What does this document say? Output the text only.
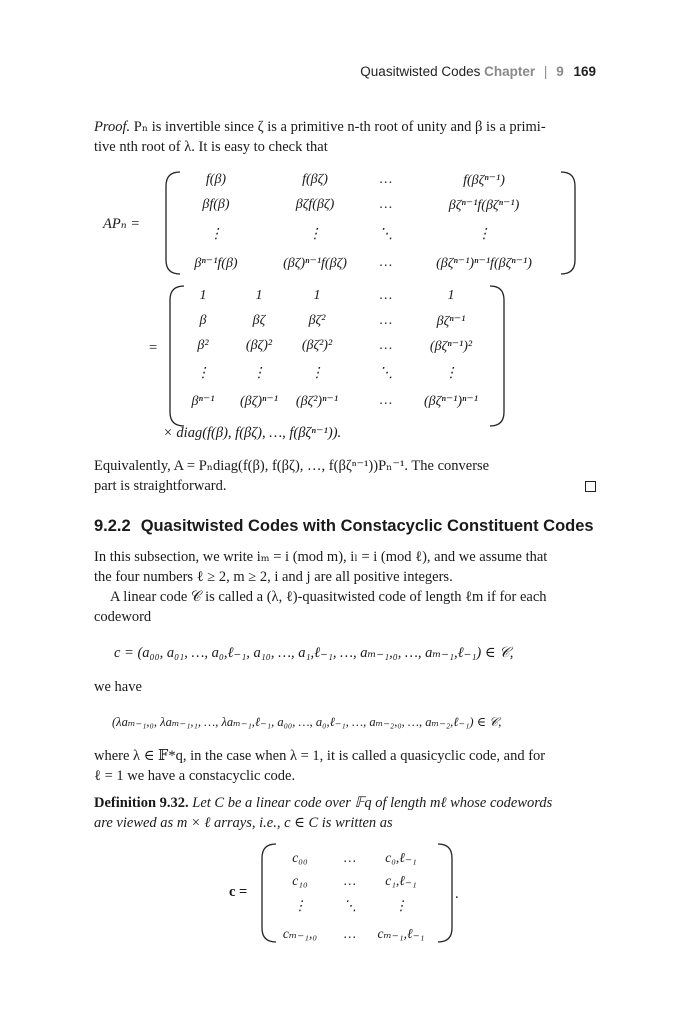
Quasitwisted Codes Chapter | 9 169
Proof. Pₙ is invertible since ζ is a primitive n-th root of unity and β is a primi-
tive nth root of λ. It is easy to check that
APₙ =
f(β)	f(βζ)	…	f(βζⁿ⁻¹)
βf(β)	βζf(βζ)	…	βζⁿ⁻¹f(βζⁿ⁻¹)
⋮	⋮	⋱	⋮
βⁿ⁻¹f(β)	(βζ)ⁿ⁻¹f(βζ)	…	(βζⁿ⁻¹)ⁿ⁻¹f(βζⁿ⁻¹)
=
1	1	1	…	1
β	βζ	βζ²	…	βζⁿ⁻¹
β²	(βζ)²	(βζ²)²	…	(βζⁿ⁻¹)²
⋮	⋮	⋮	⋱	⋮
βⁿ⁻¹	(βζ)ⁿ⁻¹	(βζ²)ⁿ⁻¹	…	(βζⁿ⁻¹)ⁿ⁻¹
× diag(f(β), f(βζ), …, f(βζⁿ⁻¹)).
Equivalently, A = Pₙdiag(f(β), f(βζ), …, f(βζⁿ⁻¹))Pₙ⁻¹. The converse
part is straightforward.
9.2.2 Quasitwisted Codes with Constacyclic Constituent Codes
In this subsection, we write iₘ = i (mod m), iₗ = i (mod ℓ), and we assume that
the four numbers ℓ ≥ 2, m ≥ 2, i and j are all positive integers.
A linear code 𝒞 is called a (λ, ℓ)-quasitwisted code of length ℓm if for each
codeword
c = (a₀₀, a₀₁, …, a₀,ℓ₋₁, a₁₀, …, a₁,ℓ₋₁, …, aₘ₋₁,₀, …, aₘ₋₁,ℓ₋₁) ∈ 𝒞,
we have
(λaₘ₋₁,₀, λaₘ₋₁,₁, …, λaₘ₋₁,ℓ₋₁, a₀₀, …, a₀,ℓ₋₁, …, aₘ₋₂,₀, …, aₘ₋₂,ℓ₋₁) ∈ 𝒞,
where λ ∈ 𝔽*q, in the case when λ = 1, it is called a quasicyclic code, and for
ℓ = 1 we have a constacyclic code.
Definition 9.32. Let C be a linear code over 𝔽q of length mℓ whose codewords
are viewed as m × ℓ arrays, i.e., c ∈ C is written as
c =
c₀₀	…	c₀,ℓ₋₁
c₁₀	…	c₁,ℓ₋₁
⋮	⋱	⋮
cₘ₋₁,₀	…	cₘ₋₁,ℓ₋₁
.
